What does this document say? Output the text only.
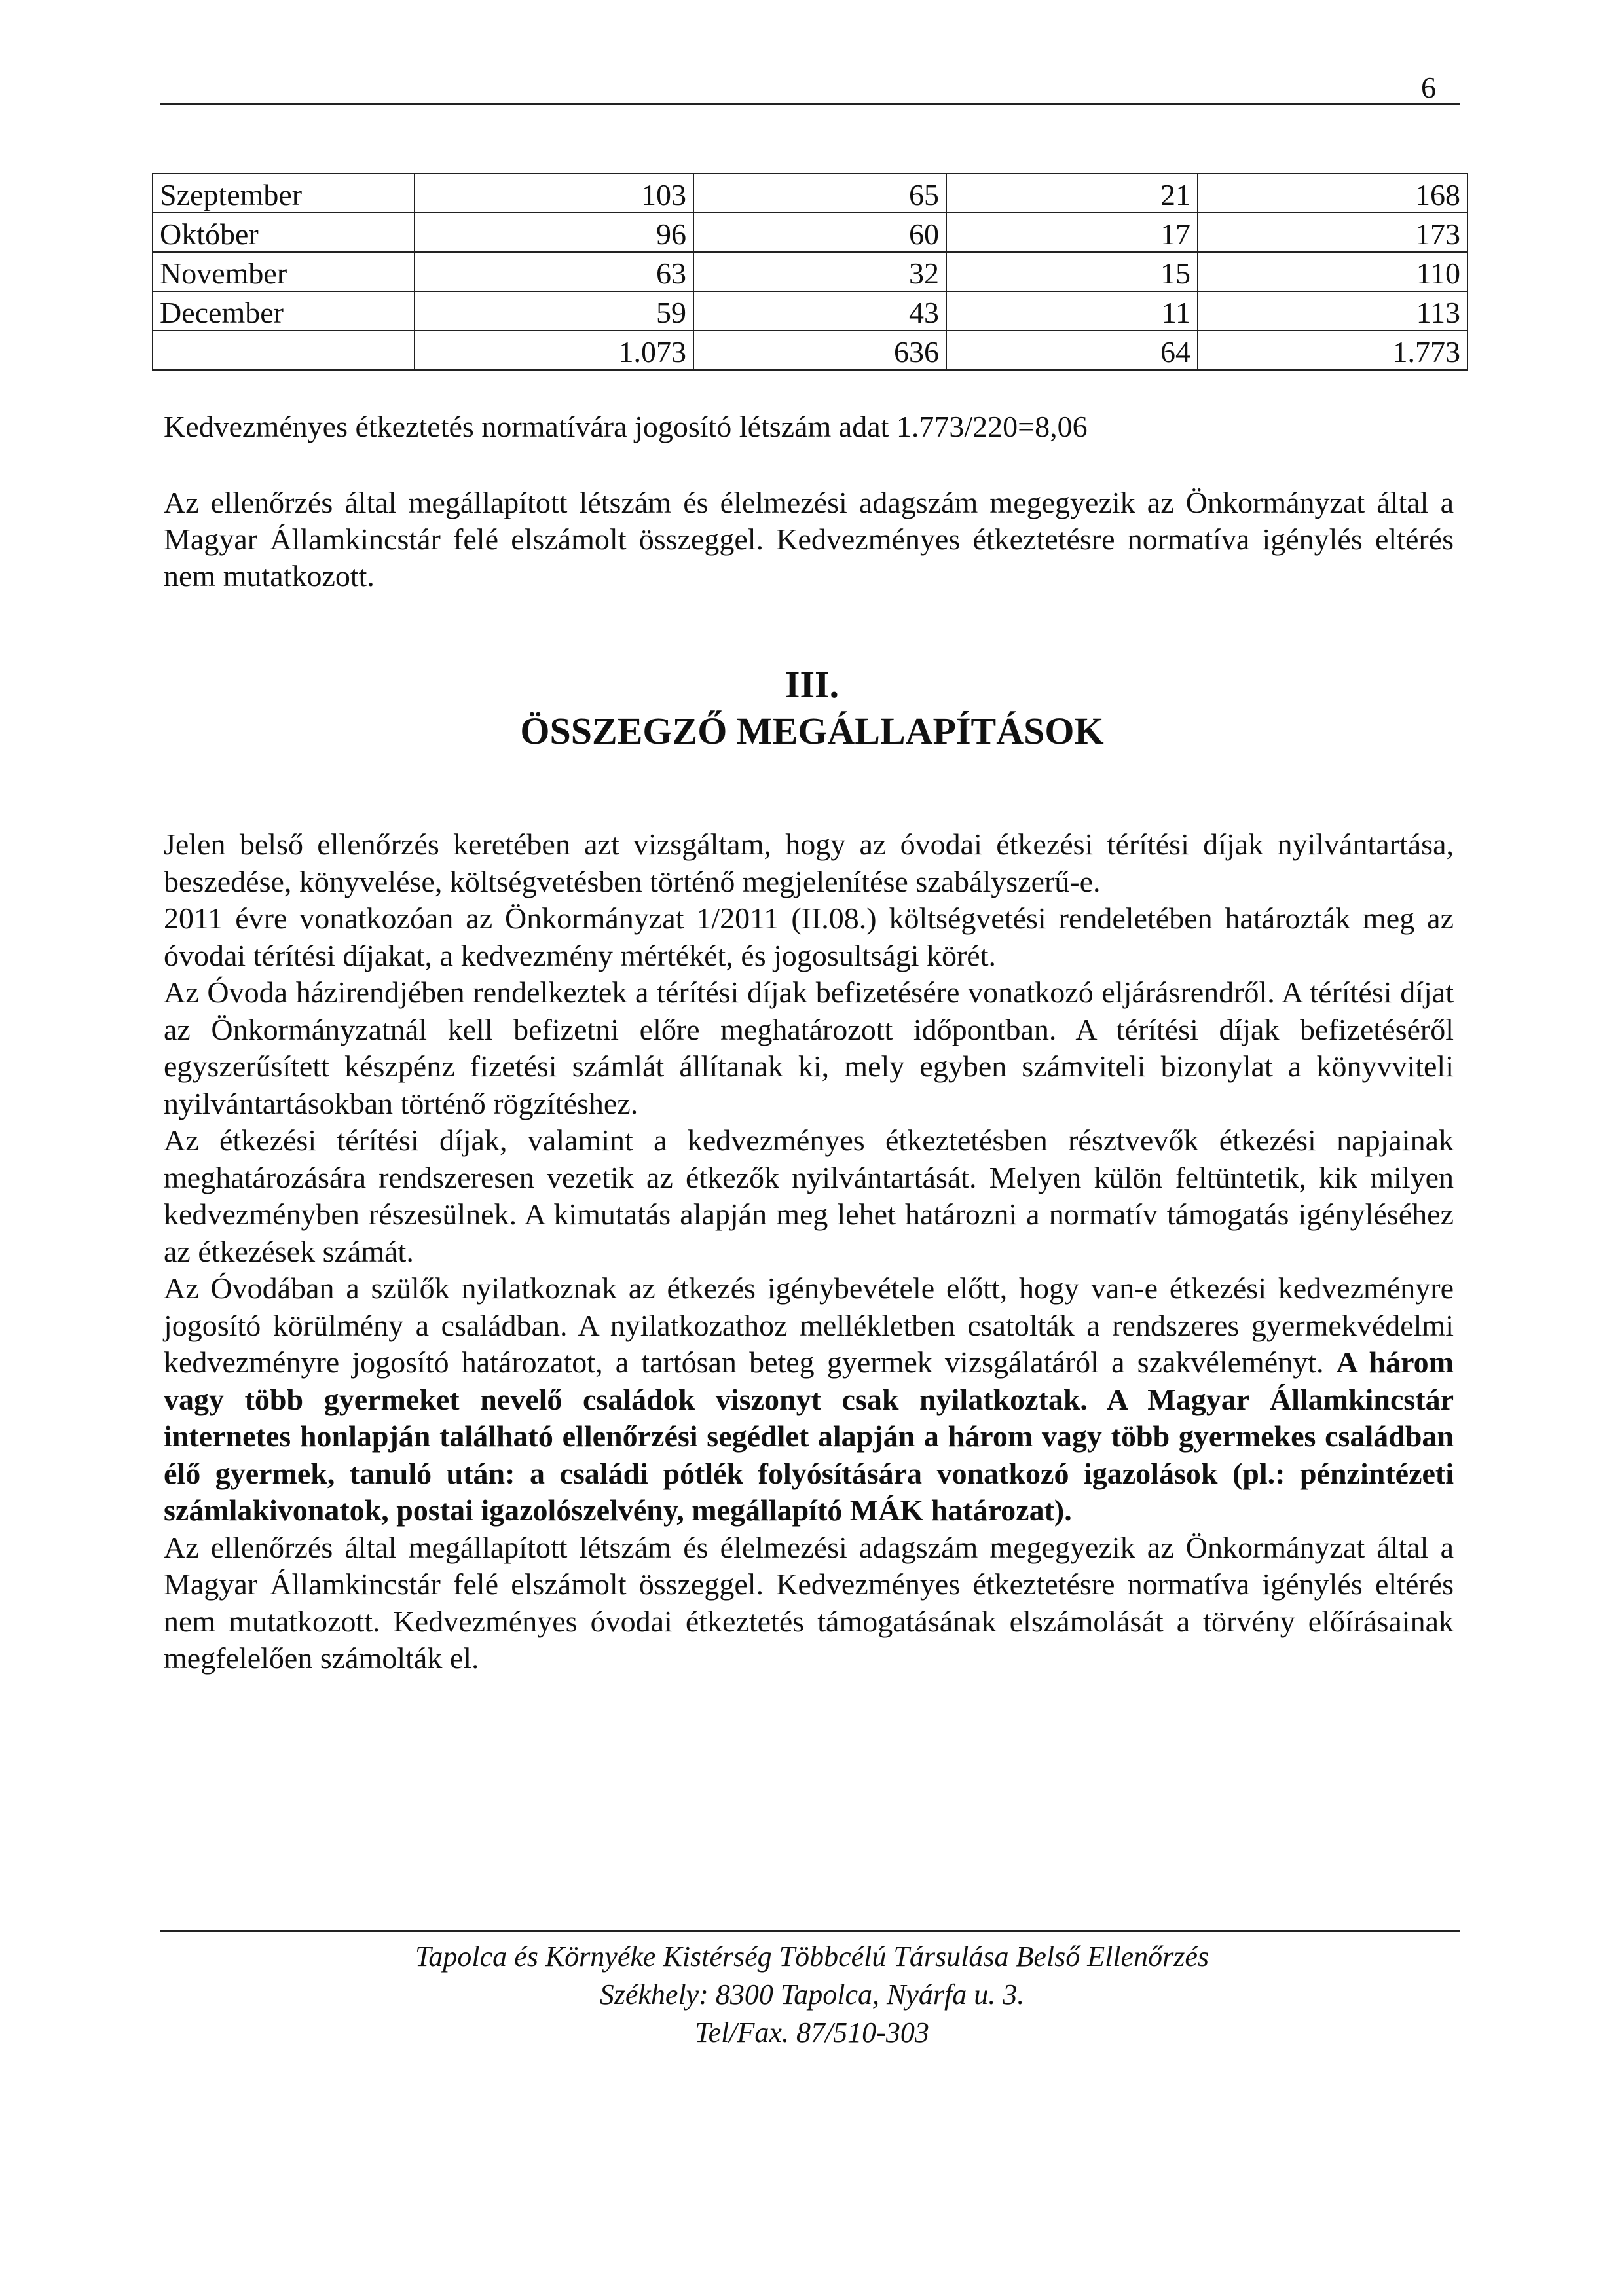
6
Szeptember	103	65	21	168
Október	96	60	17	173
November	63	32	15	110
December	59	43	11	113
	1.073	636	64	1.773

Kedvezményes étkeztetés normatívára jogosító létszám adat 1.773/220=8,06

Az ellenőrzés által megállapított létszám és élelmezési adagszám megegyezik az Önkormányzat által a Magyar Államkincstár felé elszámolt összeggel. Kedvezményes étkeztetésre normatíva igénylés eltérés nem mutatkozott.

III.
ÖSSZEGZŐ MEGÁLLAPÍTÁSOK

Jelen belső ellenőrzés keretében azt vizsgáltam, hogy az óvodai étkezési térítési díjak nyilvántartása, beszedése, könyvelése, költségvetésben történő megjelenítése szabályszerű-e.

2011 évre vonatkozóan az Önkormányzat 1/2011 (II.08.) költségvetési rendeletében határozták meg az óvodai térítési díjakat, a kedvezmény mértékét, és jogosultsági körét.

Az Óvoda házirendjében rendelkeztek a térítési díjak befizetésére vonatkozó eljárásrendről. A térítési díjat az Önkormányzatnál kell befizetni előre meghatározott időpontban. A térítési díjak befizetéséről egyszerűsített készpénz fizetési számlát állítanak ki, mely egyben számviteli bizonylat a könyvviteli nyilvántartásokban történő rögzítéshez.

Az étkezési térítési díjak, valamint a kedvezményes étkeztetésben résztvevők étkezési napjainak meghatározására rendszeresen vezetik az étkezők nyilvántartását. Melyen külön feltüntetik, kik milyen kedvezményben részesülnek. A kimutatás alapján meg lehet határozni a normatív támogatás igényléséhez az étkezések számát.

Az Óvodában a szülők nyilatkoznak az étkezés igénybevétele előtt, hogy van-e étkezési kedvezményre jogosító körülmény a családban. A nyilatkozathoz mellékletben csatolták a rendszeres gyermekvédelmi kedvezményre jogosító határozatot, a tartósan beteg gyermek vizsgálatáról a szakvéleményt. A három vagy több gyermeket nevelő családok viszonyt csak nyilatkoztak. A Magyar Államkincstár internetes honlapján található ellenőrzési segédlet alapján a három vagy több gyermekes családban élő gyermek, tanuló után: a családi pótlék folyósítására vonatkozó igazolások (pl.: pénzintézeti számlakivonatok, postai igazolószelvény, megállapító MÁK határozat).

Az ellenőrzés által megállapított létszám és élelmezési adagszám megegyezik az Önkormányzat által a Magyar Államkincstár felé elszámolt összeggel. Kedvezményes étkeztetésre normatíva igénylés eltérés nem mutatkozott. Kedvezményes óvodai étkeztetés támogatásának elszámolását a törvény előírásainak megfelelően számolták el.

Tapolca és Környéke Kistérség Többcélú Társulása Belső Ellenőrzés
Székhely: 8300 Tapolca, Nyárfa u. 3.
Tel/Fax. 87/510-303
